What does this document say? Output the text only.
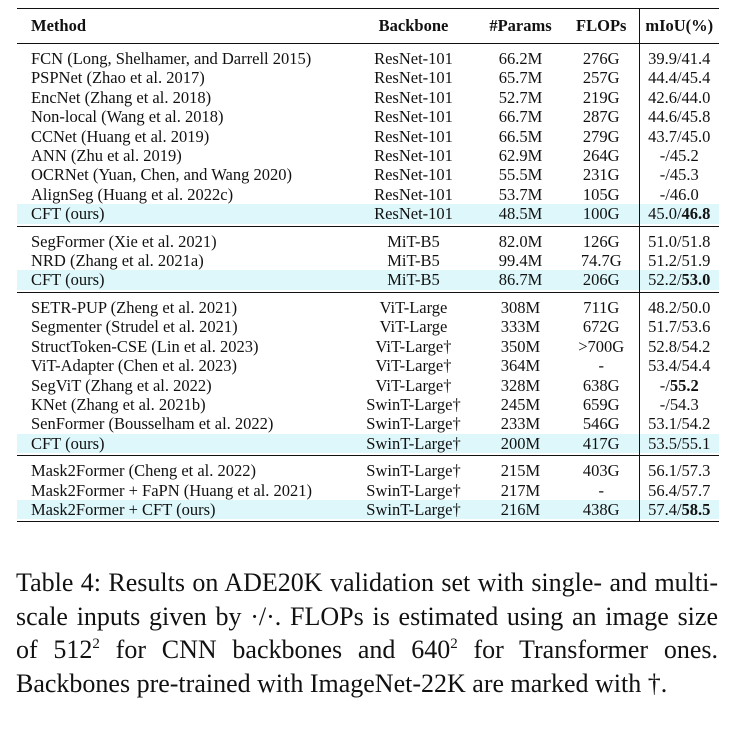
Method	Backbone	#Params	FLOPs	mIoU(%)

FCN (Long, Shelhamer, and Darrell 2015)	ResNet-101	66.2M	276G	39.9/41.4
PSPNet (Zhao et al. 2017)	ResNet-101	65.7M	257G	44.4/45.4
EncNet (Zhang et al. 2018)	ResNet-101	52.7M	219G	42.6/44.0
Non-local (Wang et al. 2018)	ResNet-101	66.7M	287G	44.6/45.8
CCNet (Huang et al. 2019)	ResNet-101	66.5M	279G	43.7/45.0
ANN (Zhu et al. 2019)	ResNet-101	62.9M	264G	-/45.2
OCRNet (Yuan, Chen, and Wang 2020)	ResNet-101	55.5M	231G	-/45.3
AlignSeg (Huang et al. 2022c)	ResNet-101	53.7M	105G	-/46.0
CFT (ours)	ResNet-101	48.5M	100G	45.0/46.8

SegFormer (Xie et al. 2021)	MiT-B5	82.0M	126G	51.0/51.8
NRD (Zhang et al. 2021a)	MiT-B5	99.4M	74.7G	51.2/51.9
CFT (ours)	MiT-B5	86.7M	206G	52.2/53.0

SETR-PUP (Zheng et al. 2021)	ViT-Large	308M	711G	48.2/50.0
Segmenter (Strudel et al. 2021)	ViT-Large	333M	672G	51.7/53.6
StructToken-CSE (Lin et al. 2023)	ViT-Large†	350M	>700G	52.8/54.2
ViT-Adapter (Chen et al. 2023)	ViT-Large†	364M	-	53.4/54.4
SegViT (Zhang et al. 2022)	ViT-Large†	328M	638G	-/55.2
KNet (Zhang et al. 2021b)	SwinT-Large†	245M	659G	-/54.3
SenFormer (Bousselham et al. 2022)	SwinT-Large†	233M	546G	53.1/54.2
CFT (ours)	SwinT-Large†	200M	417G	53.5/55.1

Mask2Former (Cheng et al. 2022)	SwinT-Large†	215M	403G	56.1/57.3
Mask2Former + FaPN (Huang et al. 2021)	SwinT-Large†	217M	-	56.4/57.7
Mask2Former + CFT (ours)	SwinT-Large†	216M	438G	57.4/58.5

Table 4: Results on ADE20K validation set with single- and multi-scale inputs given by ·/·. FLOPs is estimated using an image size of $512^2$ for CNN backbones and $640^2$ for Transformer ones. Backbones pre-trained with ImageNet-22K are marked with †.
